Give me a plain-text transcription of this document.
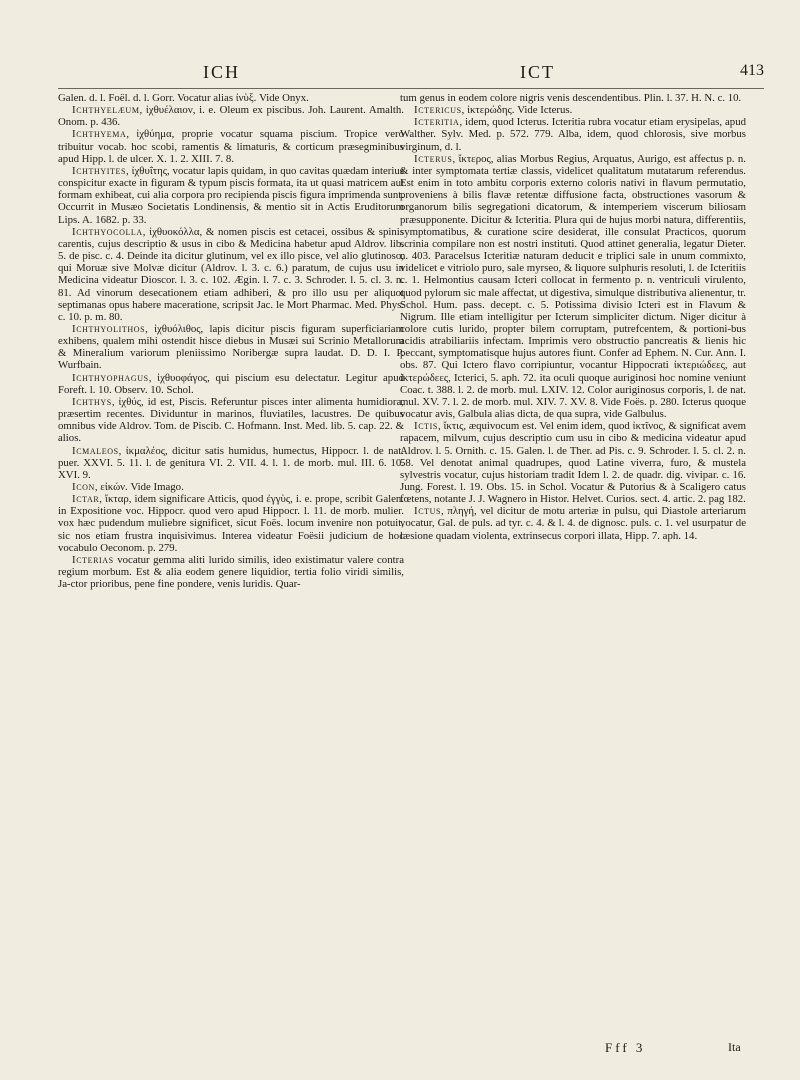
ICH	ICT	413

Galen. d. l. Foël. d. l. Gorr. Vocatur alias ἰνὺξ. Vide Onyx.

Ichthyelæum, ἰχθυέλαιον, i. e. Oleum ex piscibus. Joh. Laurent. Amalth. Onom. p. 436.

Ichthyema, ἰχθύημα, proprie vocatur squama piscium. Tropice vero tribuitur vocab. hoc scobi, ramentis & limaturis, & corticum præsegminibus apud Hipp. l. de ulcer. X. 1. 2. XIII. 7. 8.

Ichthyites, ἰχθυΐτης, vocatur lapis quidam, in quo cavitas quædam interius conspicitur exacte in figuram & typum piscis formata, ita ut quasi matricem aut formam exhibeat, cui alia corpora pro recipienda piscis figura imprimenda sunt. Occurrit in Musæo Societatis Londinensis, & mentio sit in Actis Eruditorum Lips. A. 1682. p. 33.

Ichthyocolla, ἰχθυοκόλλα, & nomen piscis est cetacei, ossibus & spinis carentis, cujus descriptio & usus in cibo & Medicina habetur apud Aldrov. lib. 5. de pisc. c. 4. Deinde ita dicitur glutinum, vel ex illo pisce, vel alio glutinoso, qui Moruæ sive Molvæ dicitur (Aldrov. l. 3. c. 6.) paratum, de cujus usu in Medicina videatur Dioscor. l. 3. c. 102. Ægin. l. 7. c. 3. Schroder. l. 5. cl. 3. n. 81. Ad vinorum desecationem etiam adhiberi, & pro illo usu per aliquot septimanas opus habere maceratione, scripsit Jac. le Mort Pharmac. Med. Phys. c. 10. p. m. 80.

Ichthyolithos, ἰχθυόλιθος, lapis dicitur piscis figuram superficiariam exhibens, qualem mihi ostendit hisce diebus in Musæi sui Scrinio Metallorum & Mineralium variorum pleniissimo Noribergæ supra laudat. D. D. I. P. Wurfbain.

Ichthyophagus, ἰχθυοφάγος, qui piscium esu delectatur. Legitur apud Foreft. l. 10. Observ. 10. Schol.

Ichthys, ἰχθύς, id est, Piscis. Referuntur pisces inter alimenta humidiora, præsertim recentes. Dividuntur in marinos, fluviatiles, lacustres. De quibus omnibus vide Aldrov. Tom. de Piscib. C. Hofmann. Inst. Med. lib. 5. cap. 22. & alios.

Icmaleos, ἰκμαλέος, dicitur satis humidus, humectus, Hippocr. l. de nat. puer. XXVI. 5. 11. l. de genitura VI. 2. VII. 4. l. 1. de morb. mul. III. 6. 10. XVI. 9.

Icon, εἰκών. Vide Imago.

Ictar, ἴκταρ, idem significare Atticis, quod ἐγγὺς, i. e. prope, scribit Galen. in Expositione voc. Hippocr. quod vero apud Hippocr. l. 11. de morb. mulier. vox hæc pudendum muliebre significet, sicut Foës. locum invenire non potuit, sic nos etiam frustra inquisivimus. Interea videatur Foësii judicium de hoc vocabulo Oeconom. p. 279.

Icterias vocatur gemma aliti lurido similis, ideo existimatur valere contra regium morbum. Est & alia eodem genere liquidior, tertia folio viridi similis, Ja-ctor prioribus, pene fine pondere, venis luridis. Quar-

tum genus in eodem colore nigris venis descendentibus. Plin. l. 37. H. N. c. 10.

Ictericus, ἰκτερώδης. Vide Icterus.

Icteritia, idem, quod Icterus. Icteritia rubra vocatur etiam erysipelas, apud Walther. Sylv. Med. p. 572. 779. Alba, idem, quod chlorosis, sive morbus virginum, d. l.

Icterus, ἴκτερος, alias Morbus Regius, Arquatus, Aurigo, est affectus p. n. & inter symptomata tertiæ classis, videlicet qualitatum mutatarum referendus. Est enim in toto ambitu corporis externo coloris nativi in flavum permutatio, proveniens à bilis flavæ retentæ diffusione facta, obstructiones vasorum & organorum bilis segregationi dicatorum, & intemperiem viscerum biliosam præsupponente. Dicitur & Icteritia. Plura qui de hujus morbi natura, differentiis, symptomatibus, & curatione scire desiderat, ille consulat Practicos, quorum scrinia compilare non est nostri instituti. Quod attinet generalia, legatur Dieter. n. 403. Paracelsus Icteritiæ naturam deducit e triplici sale in unum commixto, videlicet e vitriolo puro, sale myrseo, & liquore sulphuris resoluti, l. de Icteritiis c. 1. Helmontius causam Icteri collocat in fermento p. n. ventriculi virulento, quod pylorum sic male affectat, ut digestiva, simulque distributiva alienentur, tr. Schol. Hum. pass. decept. c. 5. Potissima divisio Icteri est in Flavum & Nigrum. Ille etiam intelligitur per Icterum simpliciter dictum. Niger dicitur à colore cutis lurido, propter bilem corruptam, putrefcentem, & portioni-bus acidis atrabiliariis infectam. Imprimis vero obstructio pancreatis & lienis hic peccant, symptomatisque hujus autores fiunt. Confer ad Ephem. N. Cur. Ann. I. obs. 87. Qui Ictero flavo corripiuntur, vocantur Hippocrati ἰκτεριώδεες, aut ἰκτερώδεες, Icterici, 5. aph. 72. ita oculi quoque auriginosi hoc nomine veniunt Coac. t. 388. l. 2. de morb. mul. LXIV. 12. Color auriginosus corporis, l. de nat. mul. XV. 7. l. 2. de morb. mul. XIV. 7. XV. 8. Vide Foës. p. 280. Icterus quoque vocatur avis, Galbula alias dicta, de qua supra, vide Galbulus.

Ictis, ἴκτις, æquivocum est. Vel enim idem, quod ἰκτῖνος, & significat avem rapacem, milvum, cujus descriptio cum usu in cibo & medicina videatur apud Aldrov. l. 5. Ornith. c. 15. Galen. l. de Ther. ad Pis. c. 9. Schroder. l. 5. cl. 2. n. 58. Vel denotat animal quadrupes, quod Latine viverra, furo, & mustela sylvestris vocatur, cujus historiam tradit Idem l. 2. de quadr. dig. vivipar. c. 16. Jung. Forest. l. 19. Obs. 15. in Schol. Vocatur & Putorius & à Scaligero catus fœtens, notante J. J. Wagnero in Histor. Helvet. Curios. sect. 4. artic. 2. pag 182.

Ictus, πληγή, vel dicitur de motu arteriæ in pulsu, qui Diastole arteriarum vocatur, Gal. de puls. ad tyr. c. 4. & l. 4. de dignosc. puls. c. 1. vel usurpatur de læsione quadam violenta, extrinsecus corpori illata, Hipp. 7. aph. 14.

Fff 3	Ita
